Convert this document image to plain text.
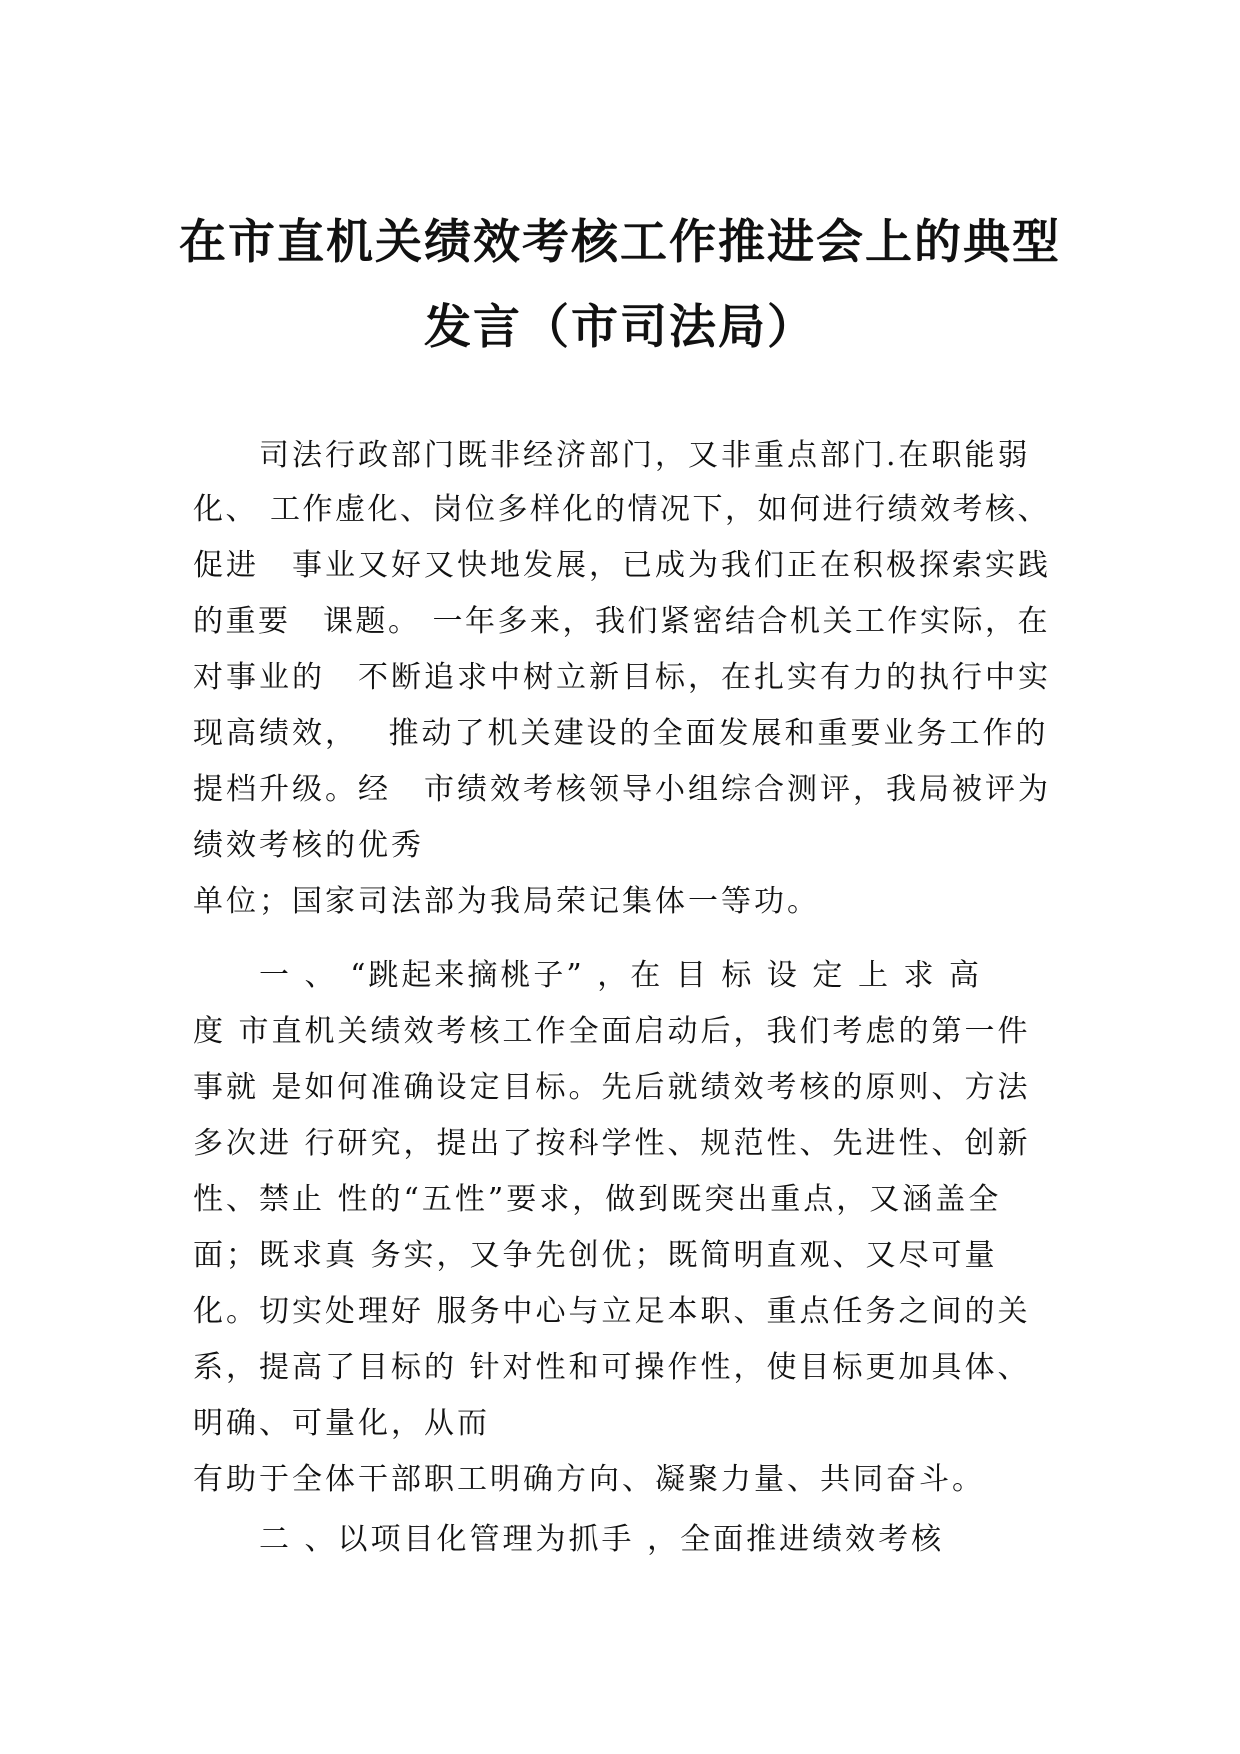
在市直机关绩效考核工作推进会上的典型
发言（市司法局）
　　司法行政部门既非经济部门，又非重点部门.在职能弱
化、 工作虚化、岗位多样化的情况下，如何进行绩效考核、
促进　事业又好又快地发展，已成为我们正在积极探索实践
的重要　课题。 一年多来，我们紧密结合机关工作实际，在
对事业的　不断追求中树立新目标，在扎实有力的执行中实
现高绩效，　 推动了机关建设的全面发展和重要业务工作的
提档升级。经　市绩效考核领导小组综合测评，我局被评为
绩效考核的优秀
单位；国家司法部为我局荣记集体一等功。
　　一 、 “跳起来摘桃子” ，在 目 标 设 定 上 求 高
度 市直机关绩效考核工作全面启动后，我们考虑的第一件
事就 是如何准确设定目标。先后就绩效考核的原则、方法
多次进 行研究，提出了按科学性、规范性、先进性、创新
性、禁止 性的“五性”要求，做到既突出重点，又涵盖全
面；既求真 务实，又争先创优；既简明直观、又尽可量
化。切实处理好 服务中心与立足本职、重点任务之间的关
系，提高了目标的 针对性和可操作性，使目标更加具体、
明确、可量化，从而
有助于全体干部职工明确方向、凝聚力量、共同奋斗。
　　二 、以项目化管理为抓手 ，全面推进绩效考核
